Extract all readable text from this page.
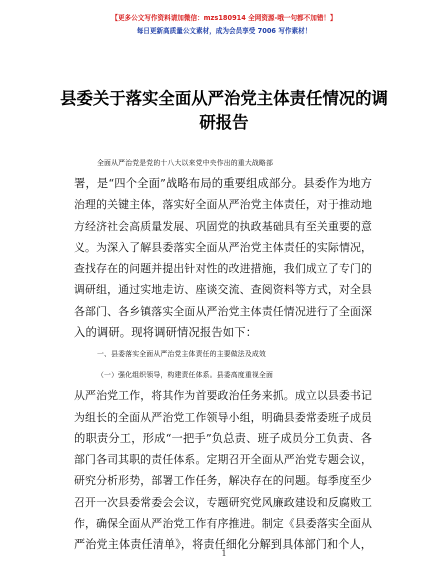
【更多公文写作资料请加微信：mzs180914 全网资源-哦一句都不加错！】
每日更新高质量公文素材，成为会员享受 7006 写作素材！
县委关于落实全面从严治党主体责任情况的调
研报告
全面从严治党是党的十八大以来党中央作出的重大战略部
署，是“四个全面”战略布局的重要组成部分。县委作为地方
治理的关键主体，落实好全面从严治党主体责任，对于推动地
方经济社会高质量发展、巩固党的执政基础具有至关重要的意
义。为深入了解县委落实全面从严治党主体责任的实际情况，
查找存在的问题并提出针对性的改进措施，我们成立了专门的
调研组，通过实地走访、座谈交流、查阅资料等方式，对全县
各部门、各乡镇落实全面从严治党主体责任情况进行了全面深
入的调研。现将调研情况报告如下：
一、县委落实全面从严治党主体责任的主要做法及成效
（一）强化组织领导，构建责任体系。县委高度重视全面
从严治党工作，将其作为首要政治任务来抓。成立以县委书记
为组长的全面从严治党工作领导小组，明确县委常委班子成员
的职责分工，形成“一把手”负总责、班子成员分工负责、各
部门各司其职的责任体系。定期召开全面从严治党专题会议，
研究分析形势，部署工作任务，解决存在的问题。每季度至少
召开一次县委常委会会议，专题研究党风廉政建设和反腐败工
作，确保全面从严治党工作有序推进。制定《县委落实全面从
严治党主体责任清单》，将责任细化分解到具体部门和个人，
1
